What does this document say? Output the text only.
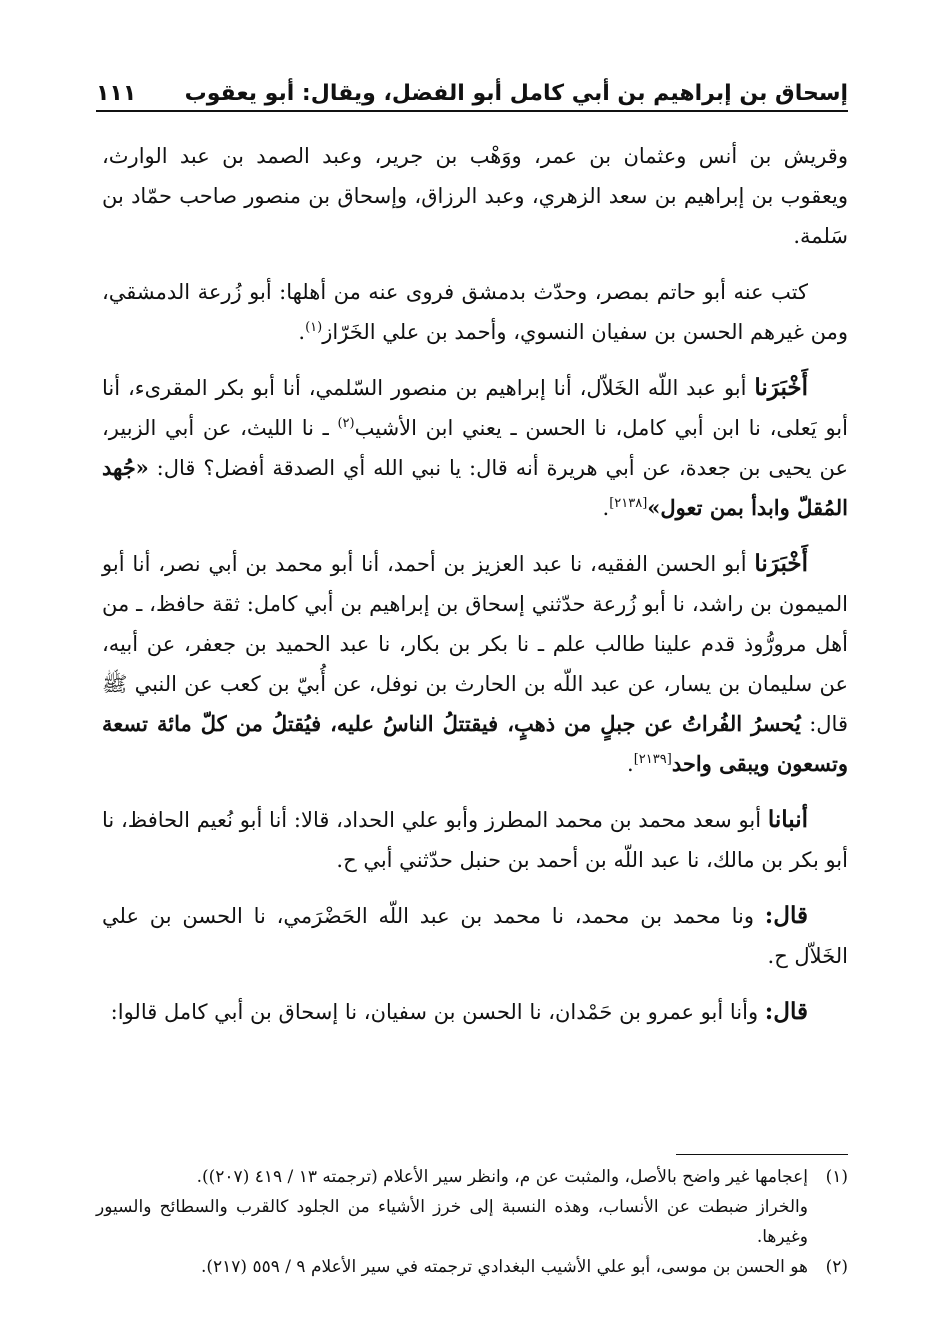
إسحاق بن إبراهيم بن أبي كامل أبو الفضل، ويقال: أبو يعقوب
١١١

وقريش بن أنس وعثمان بن عمر، ووَهْب بن جرير، وعبد الصمد بن عبد الوارث، ويعقوب بن إبراهيم بن سعد الزهري، وعبد الرزاق، وإسحاق بن منصور صاحب حمّاد بن سَلمة.

كتب عنه أبو حاتم بمصر، وحدّث بدمشق فروى عنه من أهلها: أبو زُرعة الدمشقي، ومن غيرهم الحسن بن سفيان النسوي، وأحمد بن علي الخَرّاز$^{(١)}$.

أَخْبَرَنا أبو عبد اللّه الخَلاّل، أنا إبراهيم بن منصور السّلمي، أنا أبو بكر المقرىء، أنا أبو يَعلى، نا ابن أبي كامل، نا الحسن ـ يعني ابن الأشيب$^{(٢)}$ ـ نا الليث، عن أبي الزبير، عن يحيى بن جعدة، عن أبي هريرة أنه قال: يا نبي الله أي الصدقة أفضل؟ قال: «جُهد المُقلّ وابدأ بمن تعول»[٢١٣٨].

أَخْبَرَنا أبو الحسن الفقيه، نا عبد العزيز بن أحمد، أنا أبو محمد بن أبي نصر، أنا أبو الميمون بن راشد، نا أبو زُرعة حدّثني إسحاق بن إبراهيم بن أبي كامل: ثقة حافظ، ـ من أهل مرورُّوذ قدم علينا طالب علم ـ نا بكر بن بكار، نا عبد الحميد بن جعفر، عن أبيه، عن سليمان بن يسار، عن عبد اللّه بن الحارث بن نوفل، عن أُبيّ بن كعب عن النبي ﷺ قال: يُحسرُ الفُراتُ عن جبلٍ من ذهبٍ، فيقتتلُ الناسُ عليه، فيُقتلُ من كلّ مائة تسعة وتسعون ويبقى واحد[٢١٣٩].

أنبانا أبو سعد محمد بن محمد المطرز وأبو علي الحداد، قالا: أنا أبو نُعيم الحافظ، نا أبو بكر بن مالك، نا عبد اللّه بن أحمد بن حنبل حدّثني أبي ح.

قال: ونا محمد بن محمد، نا محمد بن عبد اللّه الحَضْرَمي، نا الحسن بن علي الخَلاّل ح.

قال: وأنا أبو عمرو بن حَمْدان، نا الحسن بن سفيان، نا إسحاق بن أبي كامل قالوا:

(١)
إعجامها غير واضح بالأصل، والمثبت عن م، وانظر سير الأعلام (ترجمته ١٣ / ٤١٩ (٢٠٧)).
والخراز ضبطت عن الأنساب، وهذه النسبة إلى خرز الأشياء من الجلود كالقرب والسطائح والسيور وغيرها.
(٢)
هو الحسن بن موسى، أبو علي الأشيب البغدادي ترجمته في سير الأعلام ٩ / ٥٥٩ (٢١٧).
